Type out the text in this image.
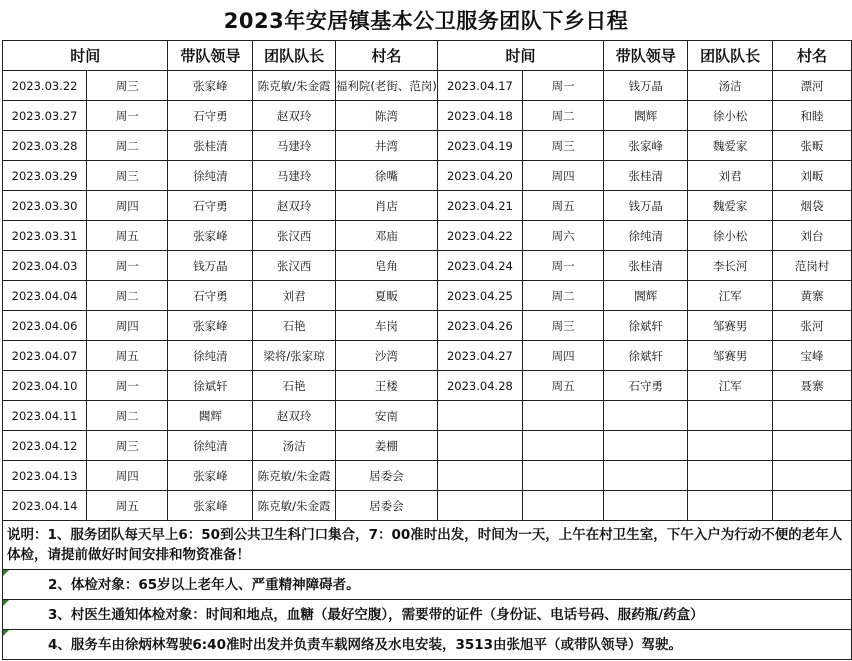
2023年安居镇基本公卫服务团队下乡日程
时间		带队领导	团队队长	村名	时间		带队领导	团队队长	村名
2023.03.22	周三	张家峰	陈克敏/朱金霞	福利院(老街、范岗)	2023.04.17	周一	钱万晶	汤洁	漂河
2023.03.27	周一	石守勇	赵双玲	陈湾	2023.04.18	周二	閪辉	徐小松	和睦
2023.03.28	周二	张桂清	马建玲	井湾	2023.04.19	周三	张家峰	魏爱家	张畈
2023.03.29	周三	徐纯清	马建玲	徐嘴	2023.04.20	周四	张桂清	刘君	刘畈
2023.03.30	周四	石守勇	赵双玲	肖店	2023.04.21	周五	钱万晶	魏爱家	烟袋
2023.03.31	周五	张家峰	张汉西	邓庙	2023.04.22	周六	徐纯清	徐小松	刘台
2023.04.03	周一	钱万晶	张汉西	皂角	2023.04.24	周一	张桂清	李长河	范岗村
2023.04.04	周二	石守勇	刘君	夏畈	2023.04.25	周二	閪辉	江军	黄寨
2023.04.06	周四	张家峰	石艳	车岗	2023.04.26	周三	徐斌轩	邹赛男	张河
2023.04.07	周五	徐纯清	梁将/张家琼	沙湾	2023.04.27	周四	徐斌轩	邹赛男	宝峰
2023.04.10	周一	徐斌轩	石艳	王楼	2023.04.28	周五	石守勇	江军	聂寨
2023.04.11	周二	閪辉	赵双玲	安南					
2023.04.12	周三	徐纯清	汤洁	姜棚					
2023.04.13	周四	张家峰	陈克敏/朱金霞	居委会					
2023.04.14	周五	张家峰	陈克敏/朱金霞	居委会					
说明：1、服务团队每天早上6：50到公共卫生科门口集合，7：00准时出发，时间为一天，上午在村卫生室，下午入户为行动不便的老年人体检，请提前做好时间安排和物资准备！
2、体检对象：65岁以上老年人、严重精神障碍者。
3、村医生通知体检对象：时间和地点，血糖（最好空腹），需要带的证件（身份证、电话号码、服药瓶/药盒）
4、服务车由徐炳林驾驶6:40准时出发并负责车载网络及水电安装，3513由张旭平（或带队领导）驾驶。
